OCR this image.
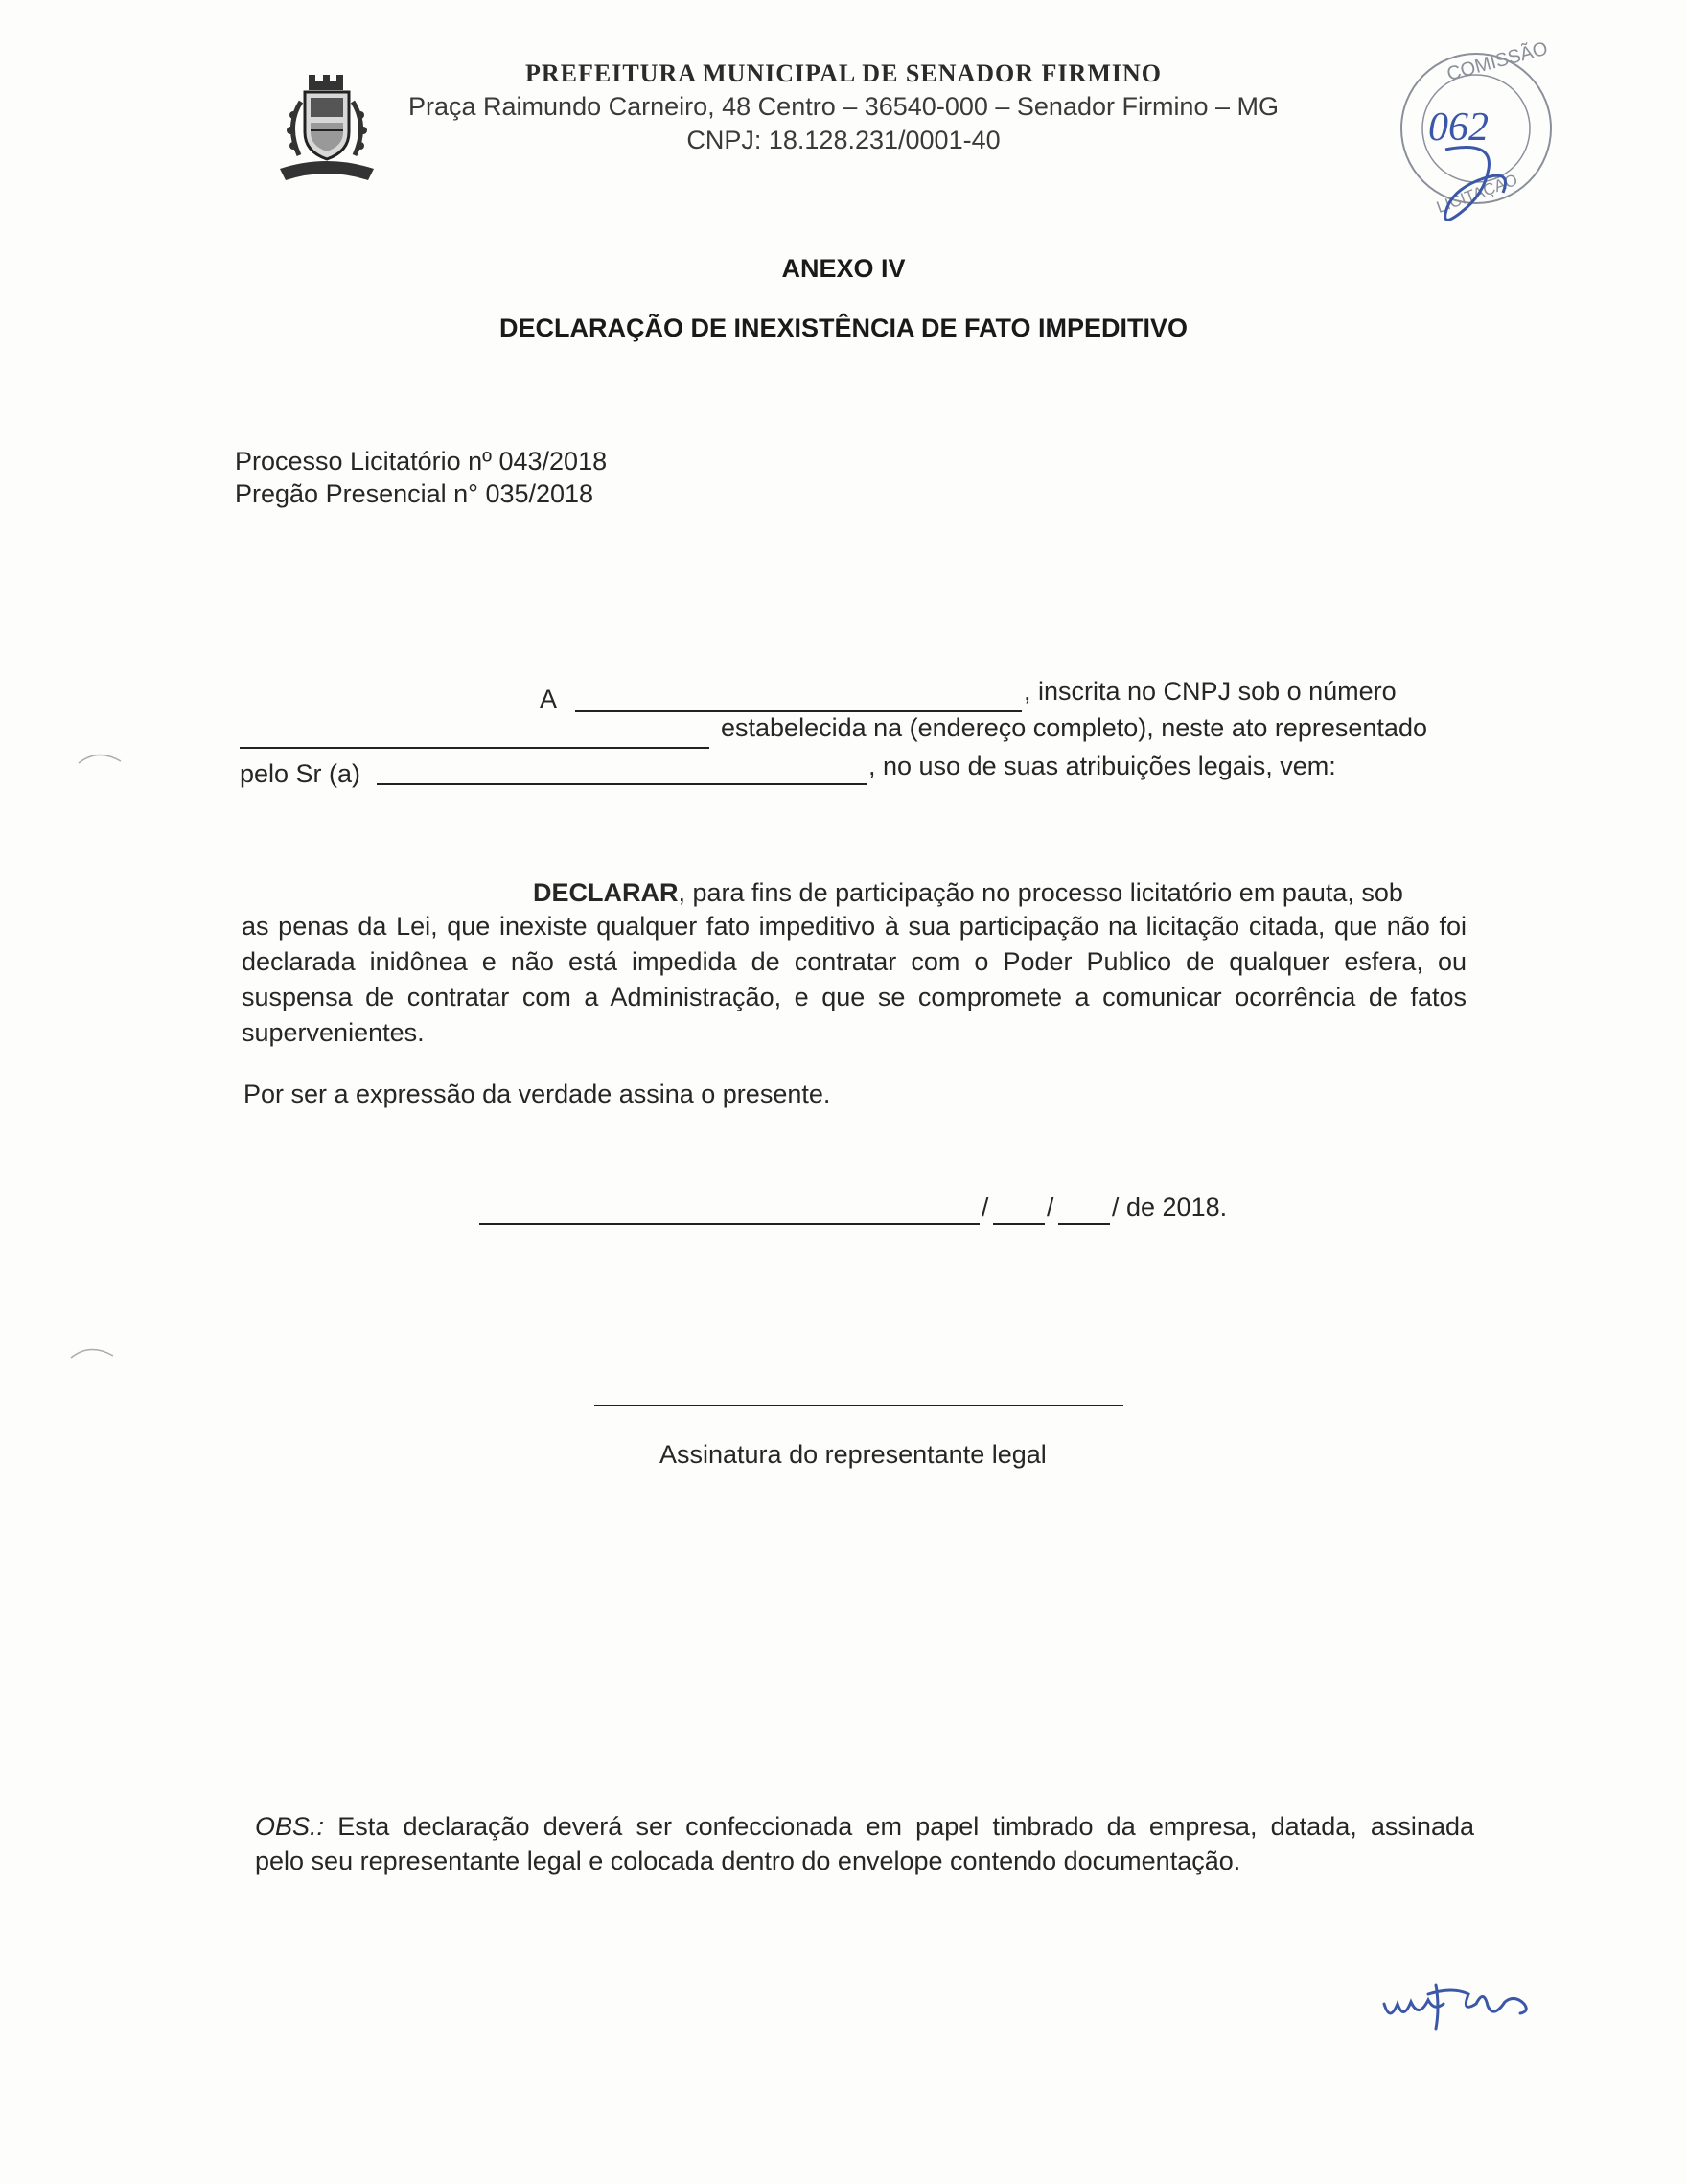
PREFEITURA MUNICIPAL DE SENADOR FIRMINO
Praça Raimundo Carneiro, 48 Centro – 36540-000 – Senador Firmino – MG
CNPJ: 18.128.231/0001-40
COMISSÃO
LICITAÇÃO
062
ANEXO IV
DECLARAÇÃO DE INEXISTÊNCIA DE FATO IMPEDITIVO
Processo Licitatório nº 043/2018
Pregão Presencial n° 035/2018
A	, inscrita no CNPJ sob o número
estabelecida na (endereço completo), neste ato representado
pelo Sr (a)	, no uso de suas atribuições legais, vem:
DECLARAR, para fins de participação no processo licitatório em pauta, sob
as penas da Lei, que inexiste qualquer fato impeditivo à sua participação na licitação citada, que não foi
declarada inidônea e não está impedida de contratar com o Poder Publico de qualquer esfera, ou
suspensa de contratar com a Administração, e que se compromete a comunicar ocorrência de fatos
supervenientes.
Por ser a expressão da verdade assina o presente.
/ / / de 2018.
Assinatura do representante legal
OBS.: Esta declaração deverá ser confeccionada em papel timbrado da empresa, datada, assinada
pelo seu representante legal e colocada dentro do envelope contendo documentação.
